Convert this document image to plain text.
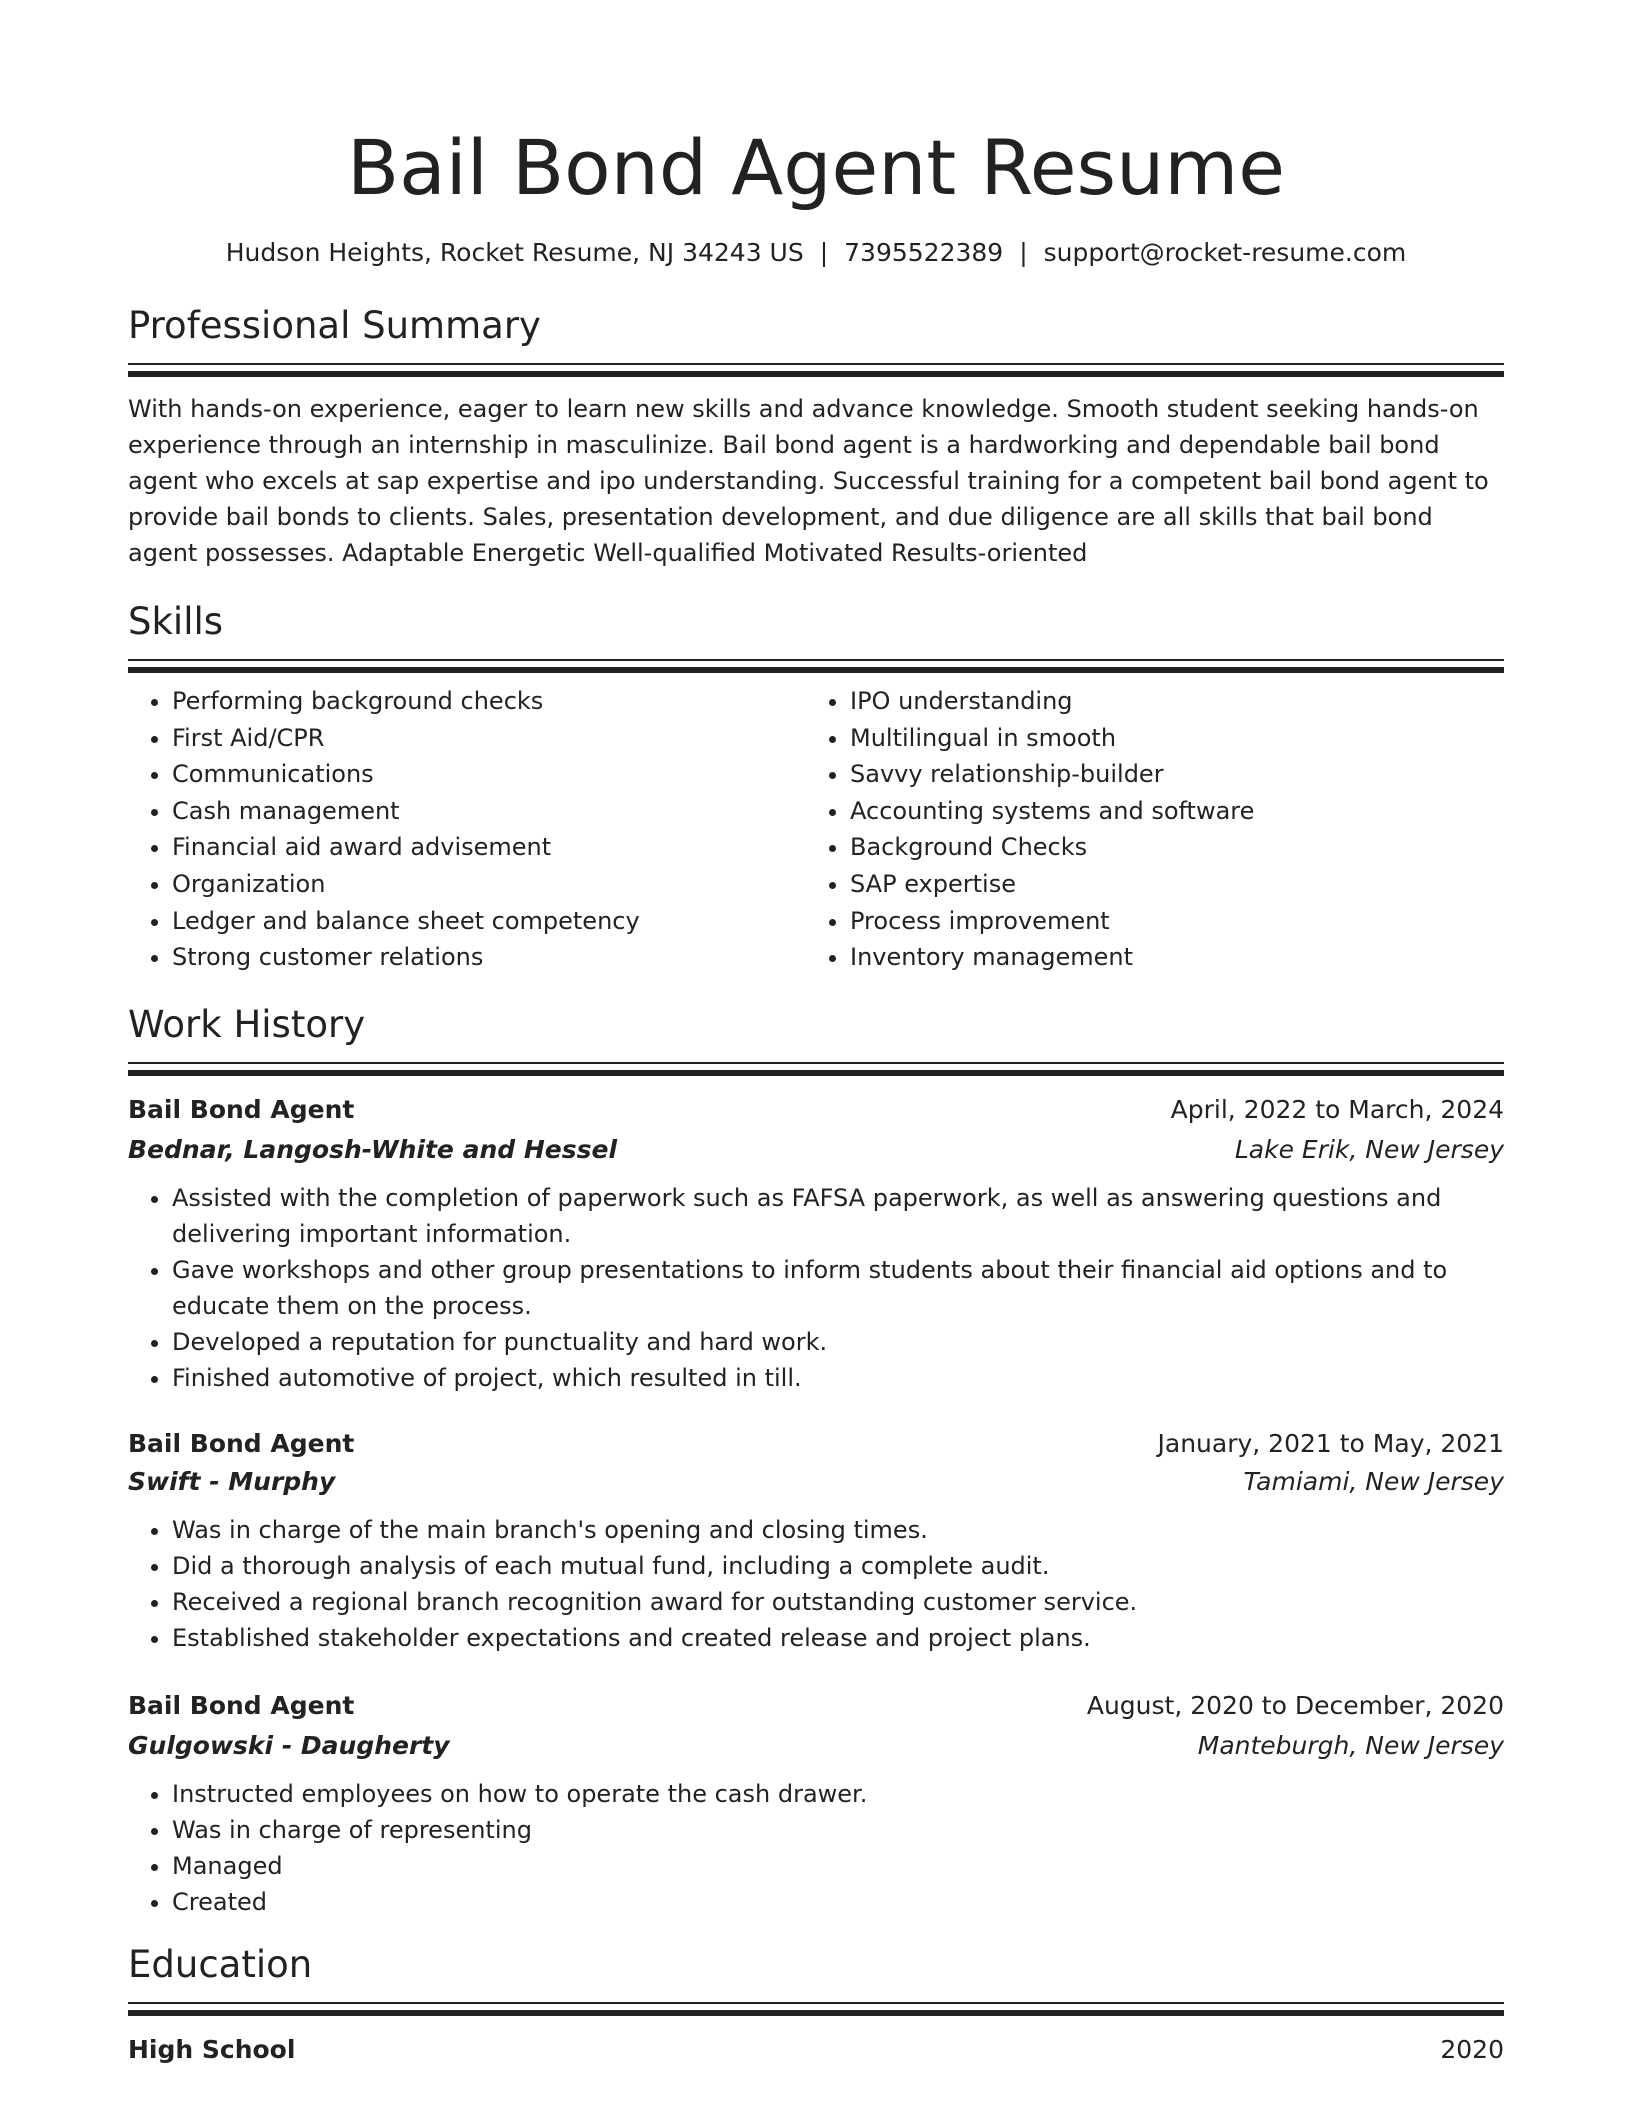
Bail Bond Agent Resume
Hudson Heights, Rocket Resume, NJ 34243 US | 7395522389 | support@rocket-resume.com
Professional Summary
With hands-on experience, eager to learn new skills and advance knowledge. Smooth student seeking hands-on experience through an internship in masculinize. Bail bond agent is a hardworking and dependable bail bond agent who excels at sap expertise and ipo understanding. Successful training for a competent bail bond agent to provide bail bonds to clients. Sales, presentation development, and due diligence are all skills that bail bond agent possesses. Adaptable Energetic Well-qualified Motivated Results-oriented
Skills
• Performing background checks
• First Aid/CPR
• Communications
• Cash management
• Financial aid award advisement
• Organization
• Ledger and balance sheet competency
• Strong customer relations
• IPO understanding
• Multilingual in smooth
• Savvy relationship-builder
• Accounting systems and software
• Background Checks
• SAP expertise
• Process improvement
• Inventory management
Work History
Bail Bond Agent	April, 2022 to March, 2024
Bednar, Langosh-White and Hessel	Lake Erik, New Jersey
• Assisted with the completion of paperwork such as FAFSA paperwork, as well as answering questions and delivering important information.
• Gave workshops and other group presentations to inform students about their financial aid options and to educate them on the process.
• Developed a reputation for punctuality and hard work.
• Finished automotive of project, which resulted in till.
Bail Bond Agent	January, 2021 to May, 2021
Swift - Murphy	Tamiami, New Jersey
• Was in charge of the main branch's opening and closing times.
• Did a thorough analysis of each mutual fund, including a complete audit.
• Received a regional branch recognition award for outstanding customer service.
• Established stakeholder expectations and created release and project plans.
Bail Bond Agent	August, 2020 to December, 2020
Gulgowski - Daugherty	Manteburgh, New Jersey
• Instructed employees on how to operate the cash drawer.
• Was in charge of representing
• Managed
• Created
Education
High School	2020
